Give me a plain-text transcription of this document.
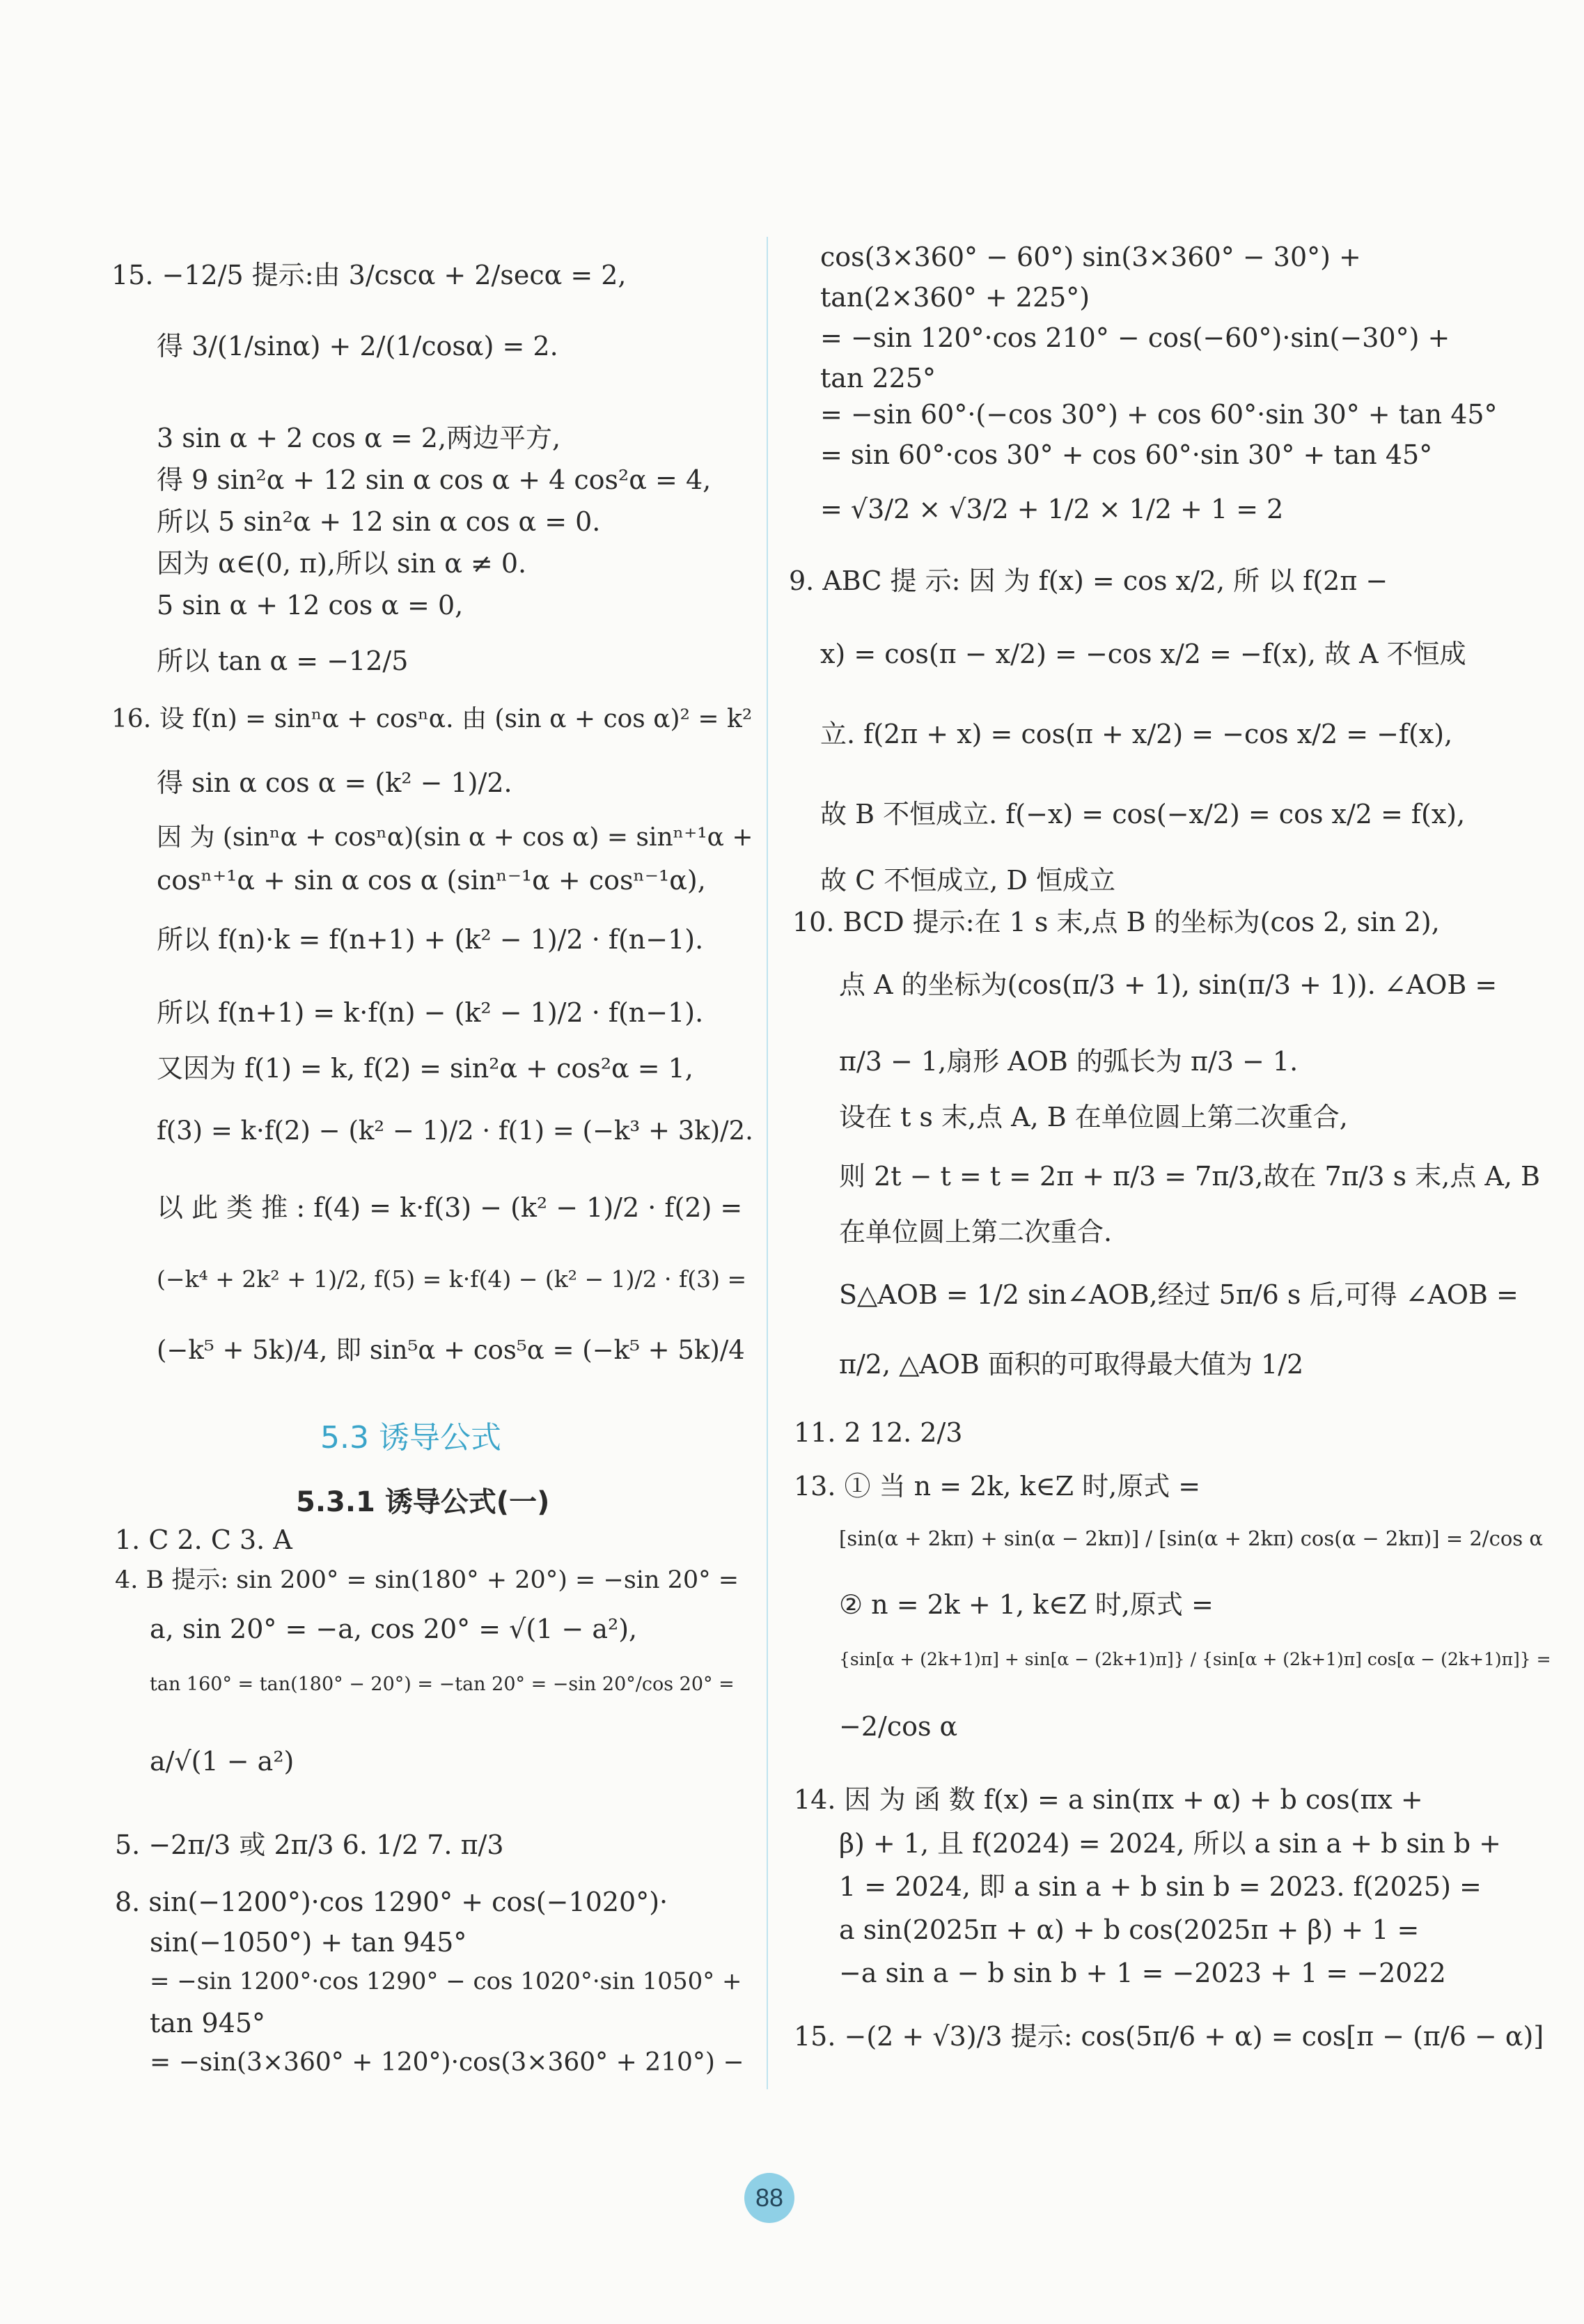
15. −12/5 提示:由 3/cscα + 2/secα = 2,
得 3/(1/sinα) + 2/(1/cosα) = 2.
3 sin α + 2 cos α = 2,两边平方,
得 9 sin²α + 12 sin α cos α + 4 cos²α = 4,
所以 5 sin²α + 12 sin α cos α = 0.
因为 α∈(0, π),所以 sin α ≠ 0.
5 sin α + 12 cos α = 0,
所以 tan α = −12/5
16. 设 f(n) = sinⁿα + cosⁿα. 由 (sin α + cos α)² = k²
得 sin α cos α = (k² − 1)/2.
因 为 (sinⁿα + cosⁿα)(sin α + cos α) = sinⁿ⁺¹α +
cosⁿ⁺¹α + sin α cos α (sinⁿ⁻¹α + cosⁿ⁻¹α),
所以 f(n)·k = f(n+1) + (k² − 1)/2 · f(n−1).
所以 f(n+1) = k·f(n) − (k² − 1)/2 · f(n−1).
又因为 f(1) = k, f(2) = sin²α + cos²α = 1,
f(3) = k·f(2) − (k² − 1)/2 · f(1) = (−k³ + 3k)/2.
以 此 类 推 : f(4) = k·f(3) − (k² − 1)/2 · f(2) =
(−k⁴ + 2k² + 1)/2, f(5) = k·f(4) − (k² − 1)/2 · f(3) =
(−k⁵ + 5k)/4, 即 sin⁵α + cos⁵α = (−k⁵ + 5k)/4
5.3 诱导公式
5.3.1 诱导公式(一)
1. C 2. C 3. A
4. B 提示: sin 200° = sin(180° + 20°) = −sin 20° =
a, sin 20° = −a, cos 20° = √(1 − a²),
tan 160° = tan(180° − 20°) = −tan 20° = −sin 20°/cos 20° =
a/√(1 − a²)
5. −2π/3 或 2π/3 6. 1/2 7. π/3
8. sin(−1200°)·cos 1290° + cos(−1020°)·
sin(−1050°) + tan 945°
= −sin 1200°·cos 1290° − cos 1020°·sin 1050° +
tan 945°
= −sin(3×360° + 120°)·cos(3×360° + 210°) −
cos(3×360° − 60°) sin(3×360° − 30°) +
tan(2×360° + 225°)
= −sin 120°·cos 210° − cos(−60°)·sin(−30°) +
tan 225°
= −sin 60°·(−cos 30°) + cos 60°·sin 30° + tan 45°
= sin 60°·cos 30° + cos 60°·sin 30° + tan 45°
= √3/2 × √3/2 + 1/2 × 1/2 + 1 = 2
9. ABC 提 示: 因 为 f(x) = cos x/2, 所 以 f(2π −
x) = cos(π − x/2) = −cos x/2 = −f(x), 故 A 不恒成
立. f(2π + x) = cos(π + x/2) = −cos x/2 = −f(x),
故 B 不恒成立. f(−x) = cos(−x/2) = cos x/2 = f(x),
故 C 不恒成立, D 恒成立
10. BCD 提示:在 1 s 末,点 B 的坐标为(cos 2, sin 2),
点 A 的坐标为(cos(π/3 + 1), sin(π/3 + 1)). ∠AOB =
π/3 − 1,扇形 AOB 的弧长为 π/3 − 1.
设在 t s 末,点 A, B 在单位圆上第二次重合,
则 2t − t = t = 2π + π/3 = 7π/3,故在 7π/3 s 末,点 A, B
在单位圆上第二次重合.
S△AOB = 1/2 sin∠AOB,经过 5π/6 s 后,可得 ∠AOB =
π/2, △AOB 面积的可取得最大值为 1/2
11. 2 12. 2/3
13. ① 当 n = 2k, k∈Z 时,原式 =
[sin(α + 2kπ) + sin(α − 2kπ)] / [sin(α + 2kπ) cos(α − 2kπ)] = 2/cos α
② n = 2k + 1, k∈Z 时,原式 =
{sin[α + (2k+1)π] + sin[α − (2k+1)π]} / {sin[α + (2k+1)π] cos[α − (2k+1)π]} =
−2/cos α
14. 因 为 函 数 f(x) = a sin(πx + α) + b cos(πx +
β) + 1, 且 f(2024) = 2024, 所以 a sin a + b sin b +
1 = 2024, 即 a sin a + b sin b = 2023. f(2025) =
a sin(2025π + α) + b cos(2025π + β) + 1 =
−a sin a − b sin b + 1 = −2023 + 1 = −2022
15. −(2 + √3)/3 提示: cos(5π/6 + α) = cos[π − (π/6 − α)]
88
